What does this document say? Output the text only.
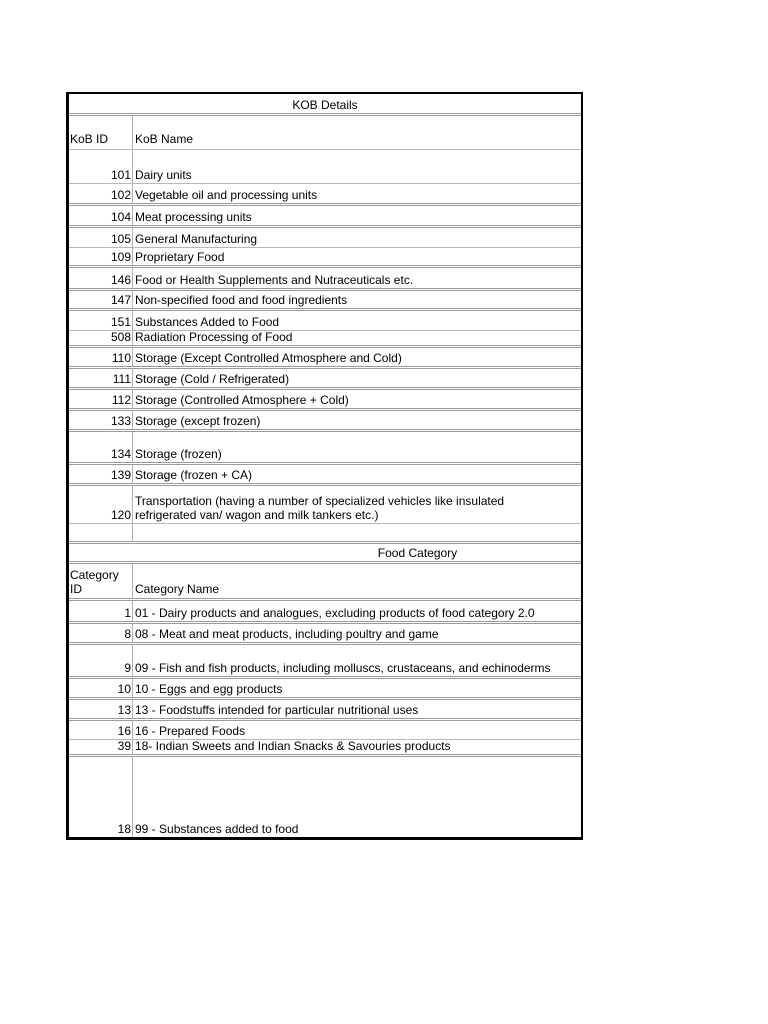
KOB Details
KoB ID KoB Name
101 Dairy units
102 Vegetable oil and processing units
104 Meat processing units
105 General Manufacturing
109 Proprietary Food
146 Food or Health Supplements and Nutraceuticals etc.
147 Non-specified food and food ingredients
151 Substances Added to Food
508 Radiation Processing of Food
110 Storage (Except Controlled Atmosphere and Cold)
111 Storage (Cold / Refrigerated)
112 Storage (Controlled Atmosphere + Cold)
133 Storage (except frozen)
134 Storage (frozen)
139 Storage (frozen + CA)
120
Transportation (having a number of specialized vehicles like insulated refrigerated van/ wagon and milk tankers etc.)
Food Category
Category ID	Category Name
1 01 - Dairy products and analogues, excluding products of food category 2.0
8 08 - Meat and meat products, including poultry and game
9 09 - Fish and fish products, including molluscs, crustaceans, and echinoderms
10 10 - Eggs and egg products
13 13 - Foodstuffs intended for particular nutritional uses
16 16 - Prepared Foods
39 18- Indian Sweets and Indian Snacks & Savouries products
18 99 - Substances added to food
